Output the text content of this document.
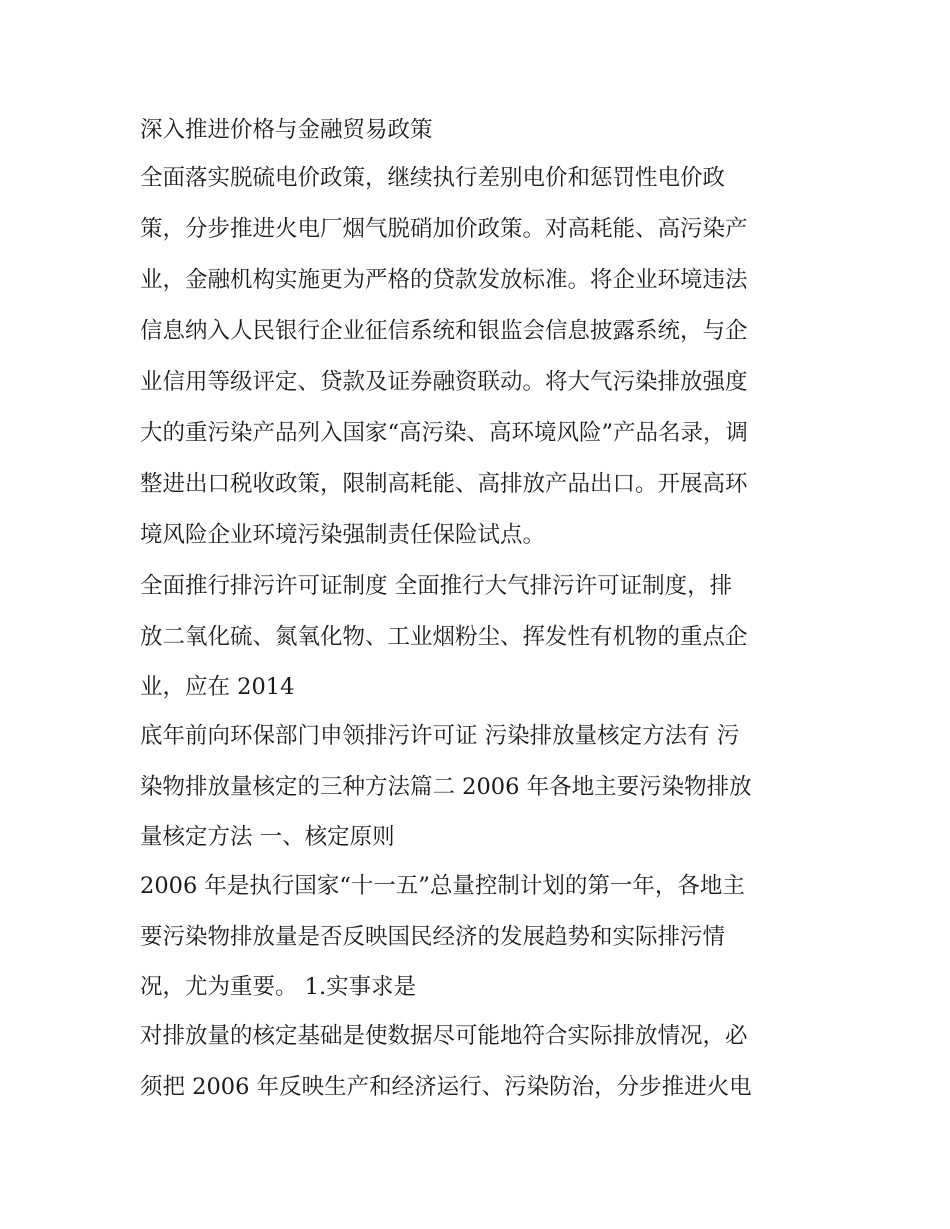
深入推进价格与金融贸易政策
全面落实脱硫电价政策，继续执行差别电价和惩罚性电价政
策，分步推进火电厂烟气脱硝加价政策。对高耗能、高污染产
业，金融机构实施更为严格的贷款发放标准。将企业环境违法
信息纳入人民银行企业征信系统和银监会信息披露系统，与企
业信用等级评定、贷款及证券融资联动。将大气污染排放强度
大的重污染产品列入国家“高污染、高环境风险”产品名录，调
整进出口税收政策，限制高耗能、高排放产品出口。开展高环
境风险企业环境污染强制责任保险试点。
全面推行排污许可证制度 全面推行大气排污许可证制度，排
放二氧化硫、氮氧化物、工业烟粉尘、挥发性有机物的重点企
业，应在 2014
底年前向环保部门申领排污许可证 污染排放量核定方法有 污
染物排放量核定的三种方法篇二 2006 年各地主要污染物排放
量核定方法 一、核定原则
2006 年是执行国家“十一五”总量控制计划的第一年，各地主
要污染物排放量是否反映国民经济的发展趋势和实际排污情
况，尤为重要。 1.实事求是
对排放量的核定基础是使数据尽可能地符合实际排放情况，必
须把 2006 年反映生产和经济运行、污染防治，分步推进火电
